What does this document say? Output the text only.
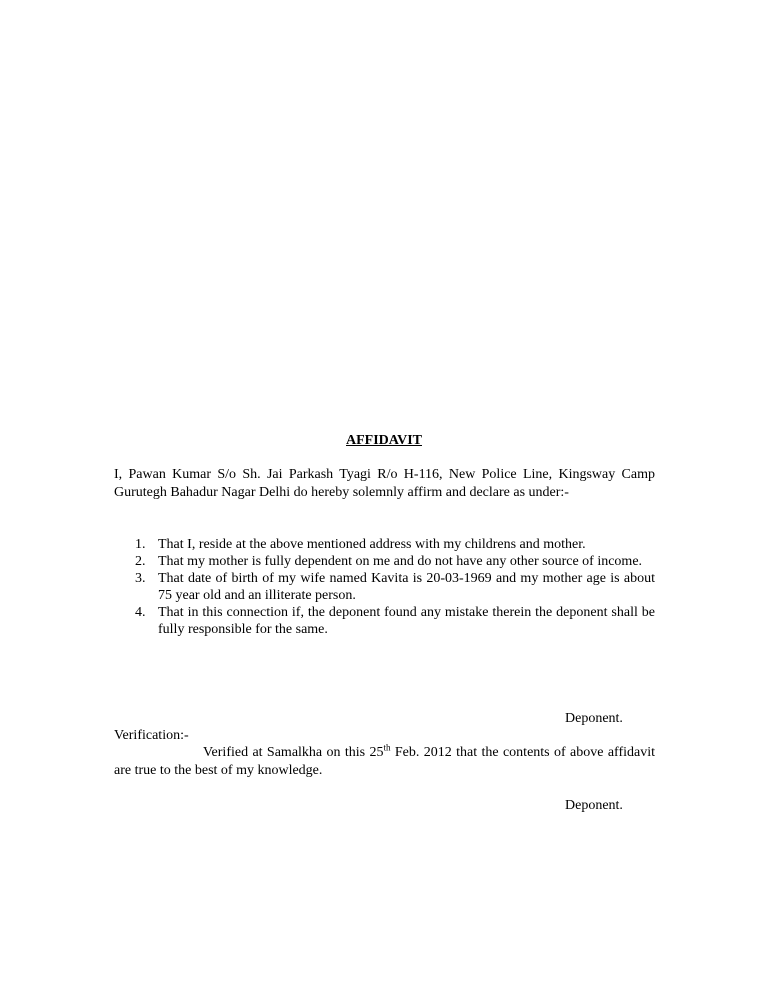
AFFIDAVIT
I, Pawan Kumar S/o Sh. Jai Parkash Tyagi R/o H-116, New Police Line, Kingsway Camp Gurutegh Bahadur Nagar Delhi do hereby solemnly affirm and declare as under:-
1. That I, reside at the above mentioned address with my childrens and mother.
2. That my mother is fully dependent on me and do not have any other source of income.
3. That date of birth of my wife named Kavita is 20-03-1969 and my mother age is about 75 year old and an illiterate person.
4. That in this connection if, the deponent found any mistake therein the deponent shall be fully responsible for the same.
Deponent.
Verification:-
Verified at Samalkha on this 25th Feb. 2012 that the contents of above affidavit are true to the best of my knowledge.
Deponent.
